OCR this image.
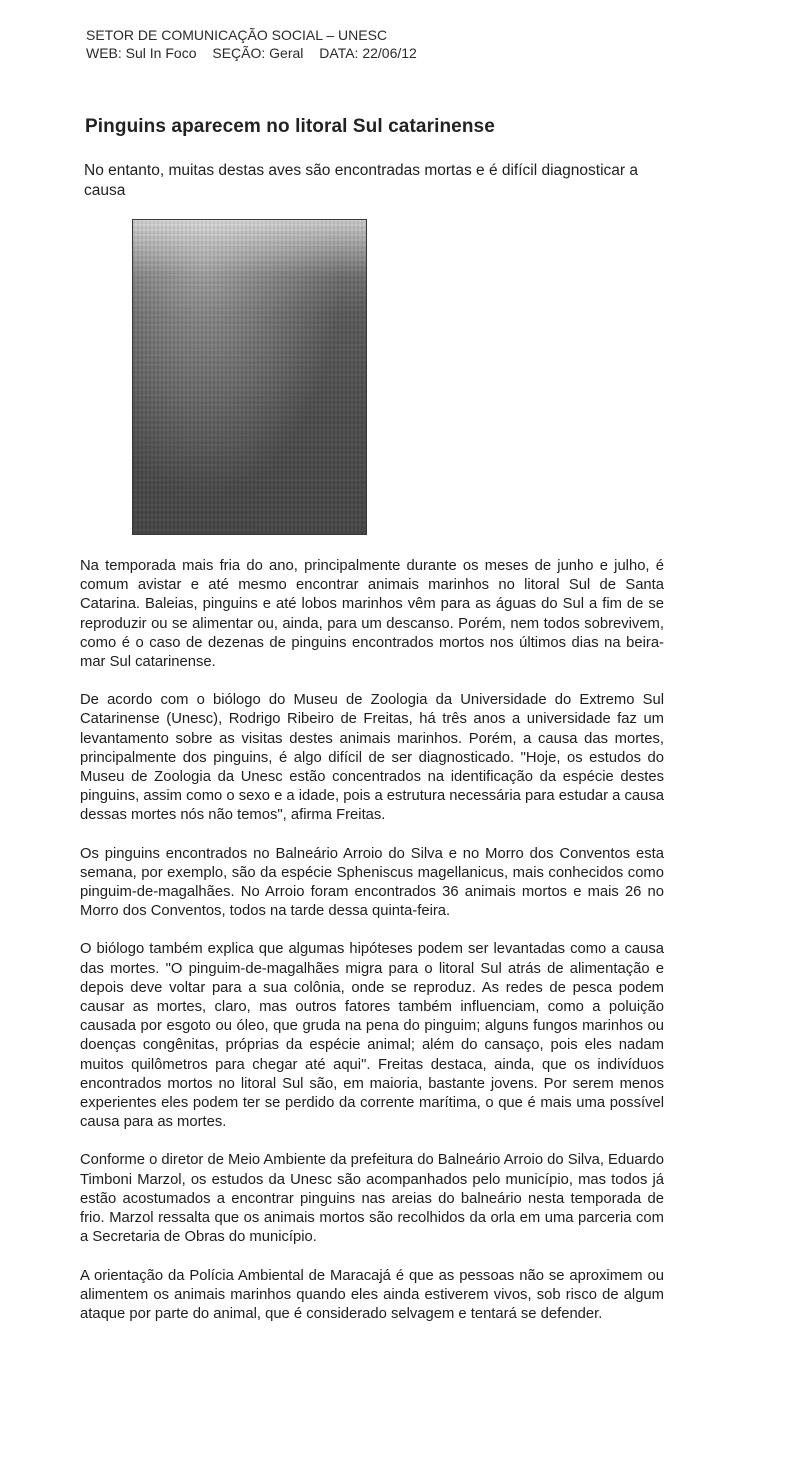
SETOR DE COMUNICAÇÃO SOCIAL – UNESC
WEB: Sul In Foco SEÇÃO: Geral DATA: 22/06/12
Pinguins aparecem no litoral Sul catarinense
No entanto, muitas destas aves são encontradas mortas e é difícil diagnosticar a causa

Na temporada mais fria do ano, principalmente durante os meses de junho e julho, é comum avistar e até mesmo encontrar animais marinhos no litoral Sul de Santa Catarina. Baleias, pinguins e até lobos marinhos vêm para as águas do Sul a fim de se reproduzir ou se alimentar ou, ainda, para um descanso. Porém, nem todos sobrevivem, como é o caso de dezenas de pinguins encontrados mortos nos últimos dias na beira-mar Sul catarinense.

De acordo com o biólogo do Museu de Zoologia da Universidade do Extremo Sul Catarinense (Unesc), Rodrigo Ribeiro de Freitas, há três anos a universidade faz um levantamento sobre as visitas destes animais marinhos. Porém, a causa das mortes, principalmente dos pinguins, é algo difícil de ser diagnosticado. "Hoje, os estudos do Museu de Zoologia da Unesc estão concentrados na identificação da espécie destes pinguins, assim como o sexo e a idade, pois a estrutura necessária para estudar a causa dessas mortes nós não temos", afirma Freitas.

Os pinguins encontrados no Balneário Arroio do Silva e no Morro dos Conventos esta semana, por exemplo, são da espécie Spheniscus magellanicus, mais conhecidos como pinguim-de-magalhães. No Arroio foram encontrados 36 animais mortos e mais 26 no Morro dos Conventos, todos na tarde dessa quinta-feira.

O biólogo também explica que algumas hipóteses podem ser levantadas como a causa das mortes. "O pinguim-de-magalhães migra para o litoral Sul atrás de alimentação e depois deve voltar para a sua colônia, onde se reproduz. As redes de pesca podem causar as mortes, claro, mas outros fatores também influenciam, como a poluição causada por esgoto ou óleo, que gruda na pena do pinguim; alguns fungos marinhos ou doenças congênitas, próprias da espécie animal; além do cansaço, pois eles nadam muitos quilômetros para chegar até aqui". Freitas destaca, ainda, que os indivíduos encontrados mortos no litoral Sul são, em maioria, bastante jovens. Por serem menos experientes eles podem ter se perdido da corrente marítima, o que é mais uma possível causa para as mortes.

Conforme o diretor de Meio Ambiente da prefeitura do Balneário Arroio do Silva, Eduardo Timboni Marzol, os estudos da Unesc são acompanhados pelo município, mas todos já estão acostumados a encontrar pinguins nas areias do balneário nesta temporada de frio. Marzol ressalta que os animais mortos são recolhidos da orla em uma parceria com a Secretaria de Obras do município.

A orientação da Polícia Ambiental de Maracajá é que as pessoas não se aproximem ou alimentem os animais marinhos quando eles ainda estiverem vivos, sob risco de algum ataque por parte do animal, que é considerado selvagem e tentará se defender.
